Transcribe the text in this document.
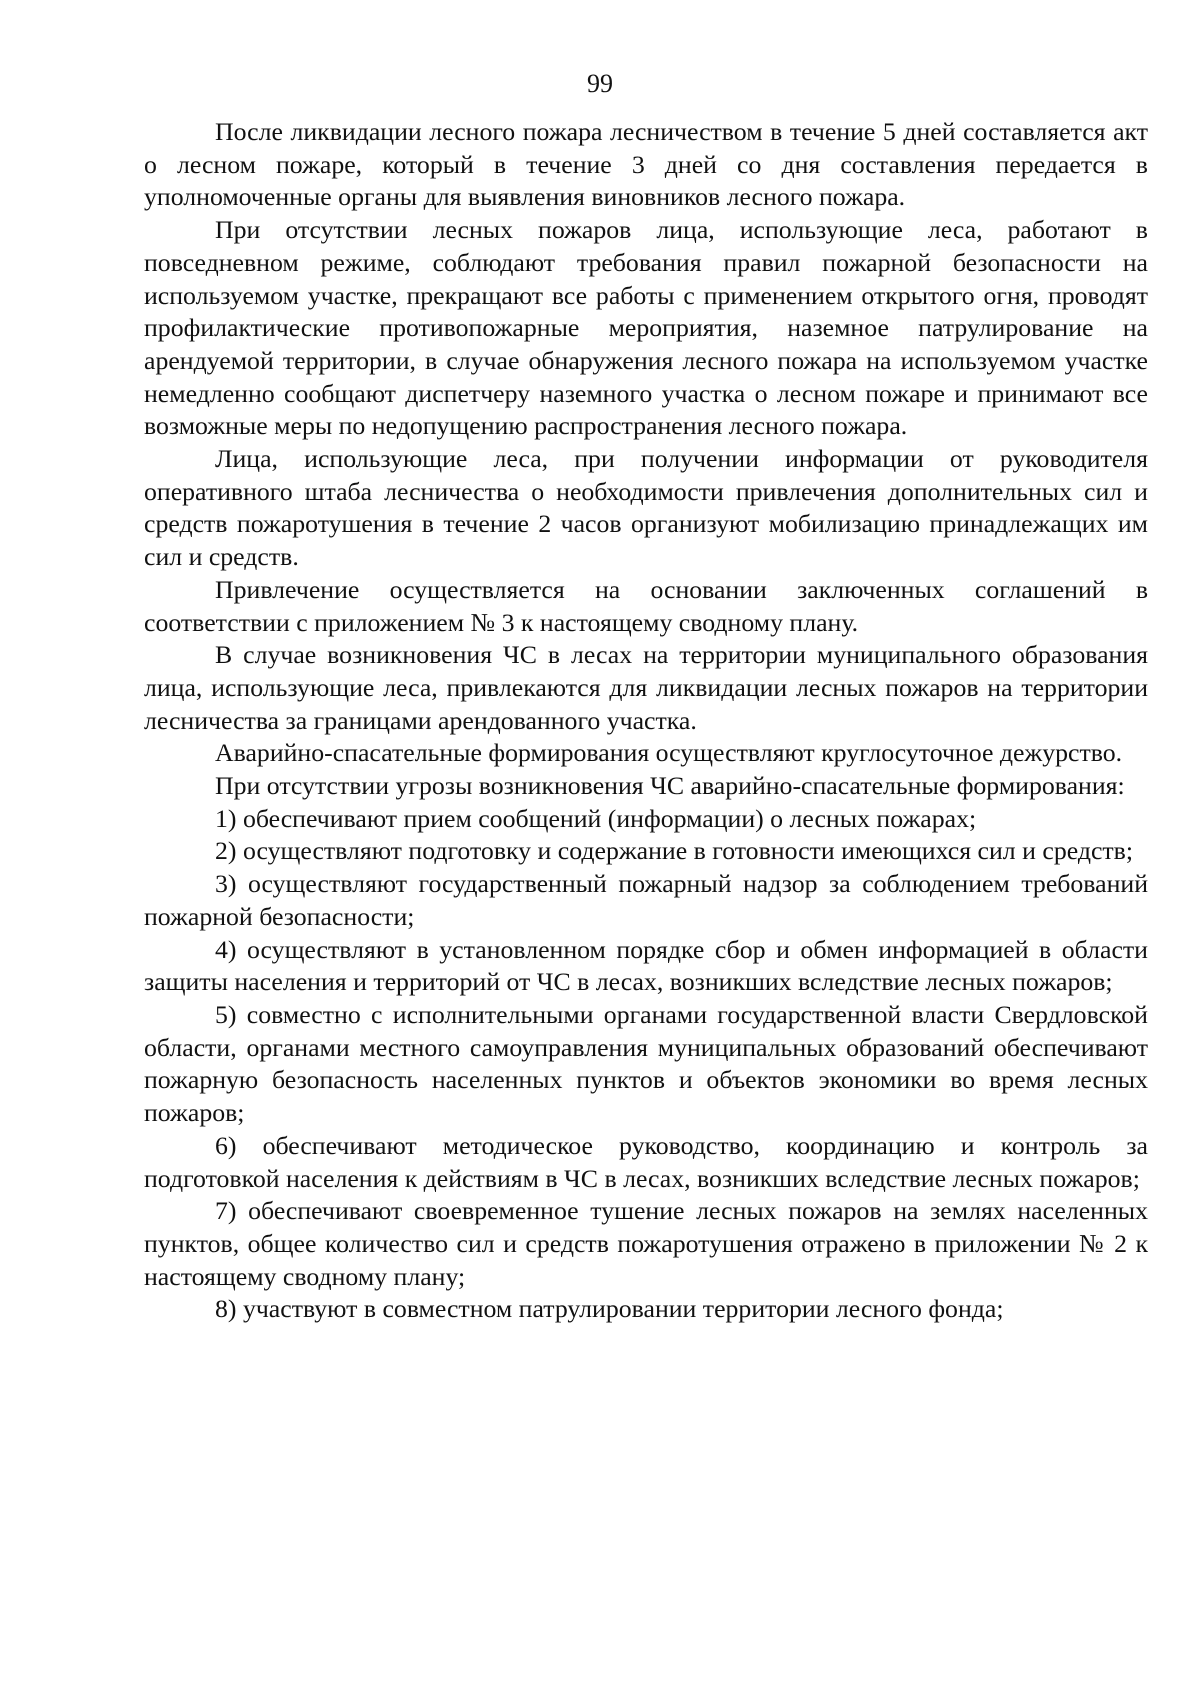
99

После ликвидации лесного пожара лесничеством в течение 5 дней составляется акт о лесном пожаре, который в течение 3 дней со дня составления передается в уполномоченные органы для выявления виновников лесного пожара.

При отсутствии лесных пожаров лица, использующие леса, работают в повседневном режиме, соблюдают требования правил пожарной безопасности на используемом участке, прекращают все работы с применением открытого огня, проводят профилактические противопожарные мероприятия, наземное патрулирование на арендуемой территории, в случае обнаружения лесного пожара на используемом участке немедленно сообщают диспетчеру наземного участка о лесном пожаре и принимают все возможные меры по недопущению распространения лесного пожара.

Лица, использующие леса, при получении информации от руководителя оперативного штаба лесничества о необходимости привлечения дополнительных сил и средств пожаротушения в течение 2 часов организуют мобилизацию принадлежащих им сил и средств.

Привлечение осуществляется на основании заключенных соглашений в соответствии с приложением № 3 к настоящему сводному плану.

В случае возникновения ЧС в лесах на территории муниципального образования лица, использующие леса, привлекаются для ликвидации лесных пожаров на территории лесничества за границами арендованного участка.

Аварийно-спасательные формирования осуществляют круглосуточное дежурство.

При отсутствии угрозы возникновения ЧС аварийно-спасательные формирования:

1) обеспечивают прием сообщений (информации) о лесных пожарах;

2) осуществляют подготовку и содержание в готовности имеющихся сил и средств;

3) осуществляют государственный пожарный надзор за соблюдением требований пожарной безопасности;

4) осуществляют в установленном порядке сбор и обмен информацией в области защиты населения и территорий от ЧС в лесах, возникших вследствие лесных пожаров;

5) совместно с исполнительными органами государственной власти Свердловской области, органами местного самоуправления муниципальных образований обеспечивают пожарную безопасность населенных пунктов и объектов экономики во время лесных пожаров;

6) обеспечивают методическое руководство, координацию и контроль за подготовкой населения к действиям в ЧС в лесах, возникших вследствие лесных пожаров;

7) обеспечивают своевременное тушение лесных пожаров на землях населенных пунктов, общее количество сил и средств пожаротушения отражено в приложении № 2 к настоящему сводному плану;

8) участвуют в совместном патрулировании территории лесного фонда;
